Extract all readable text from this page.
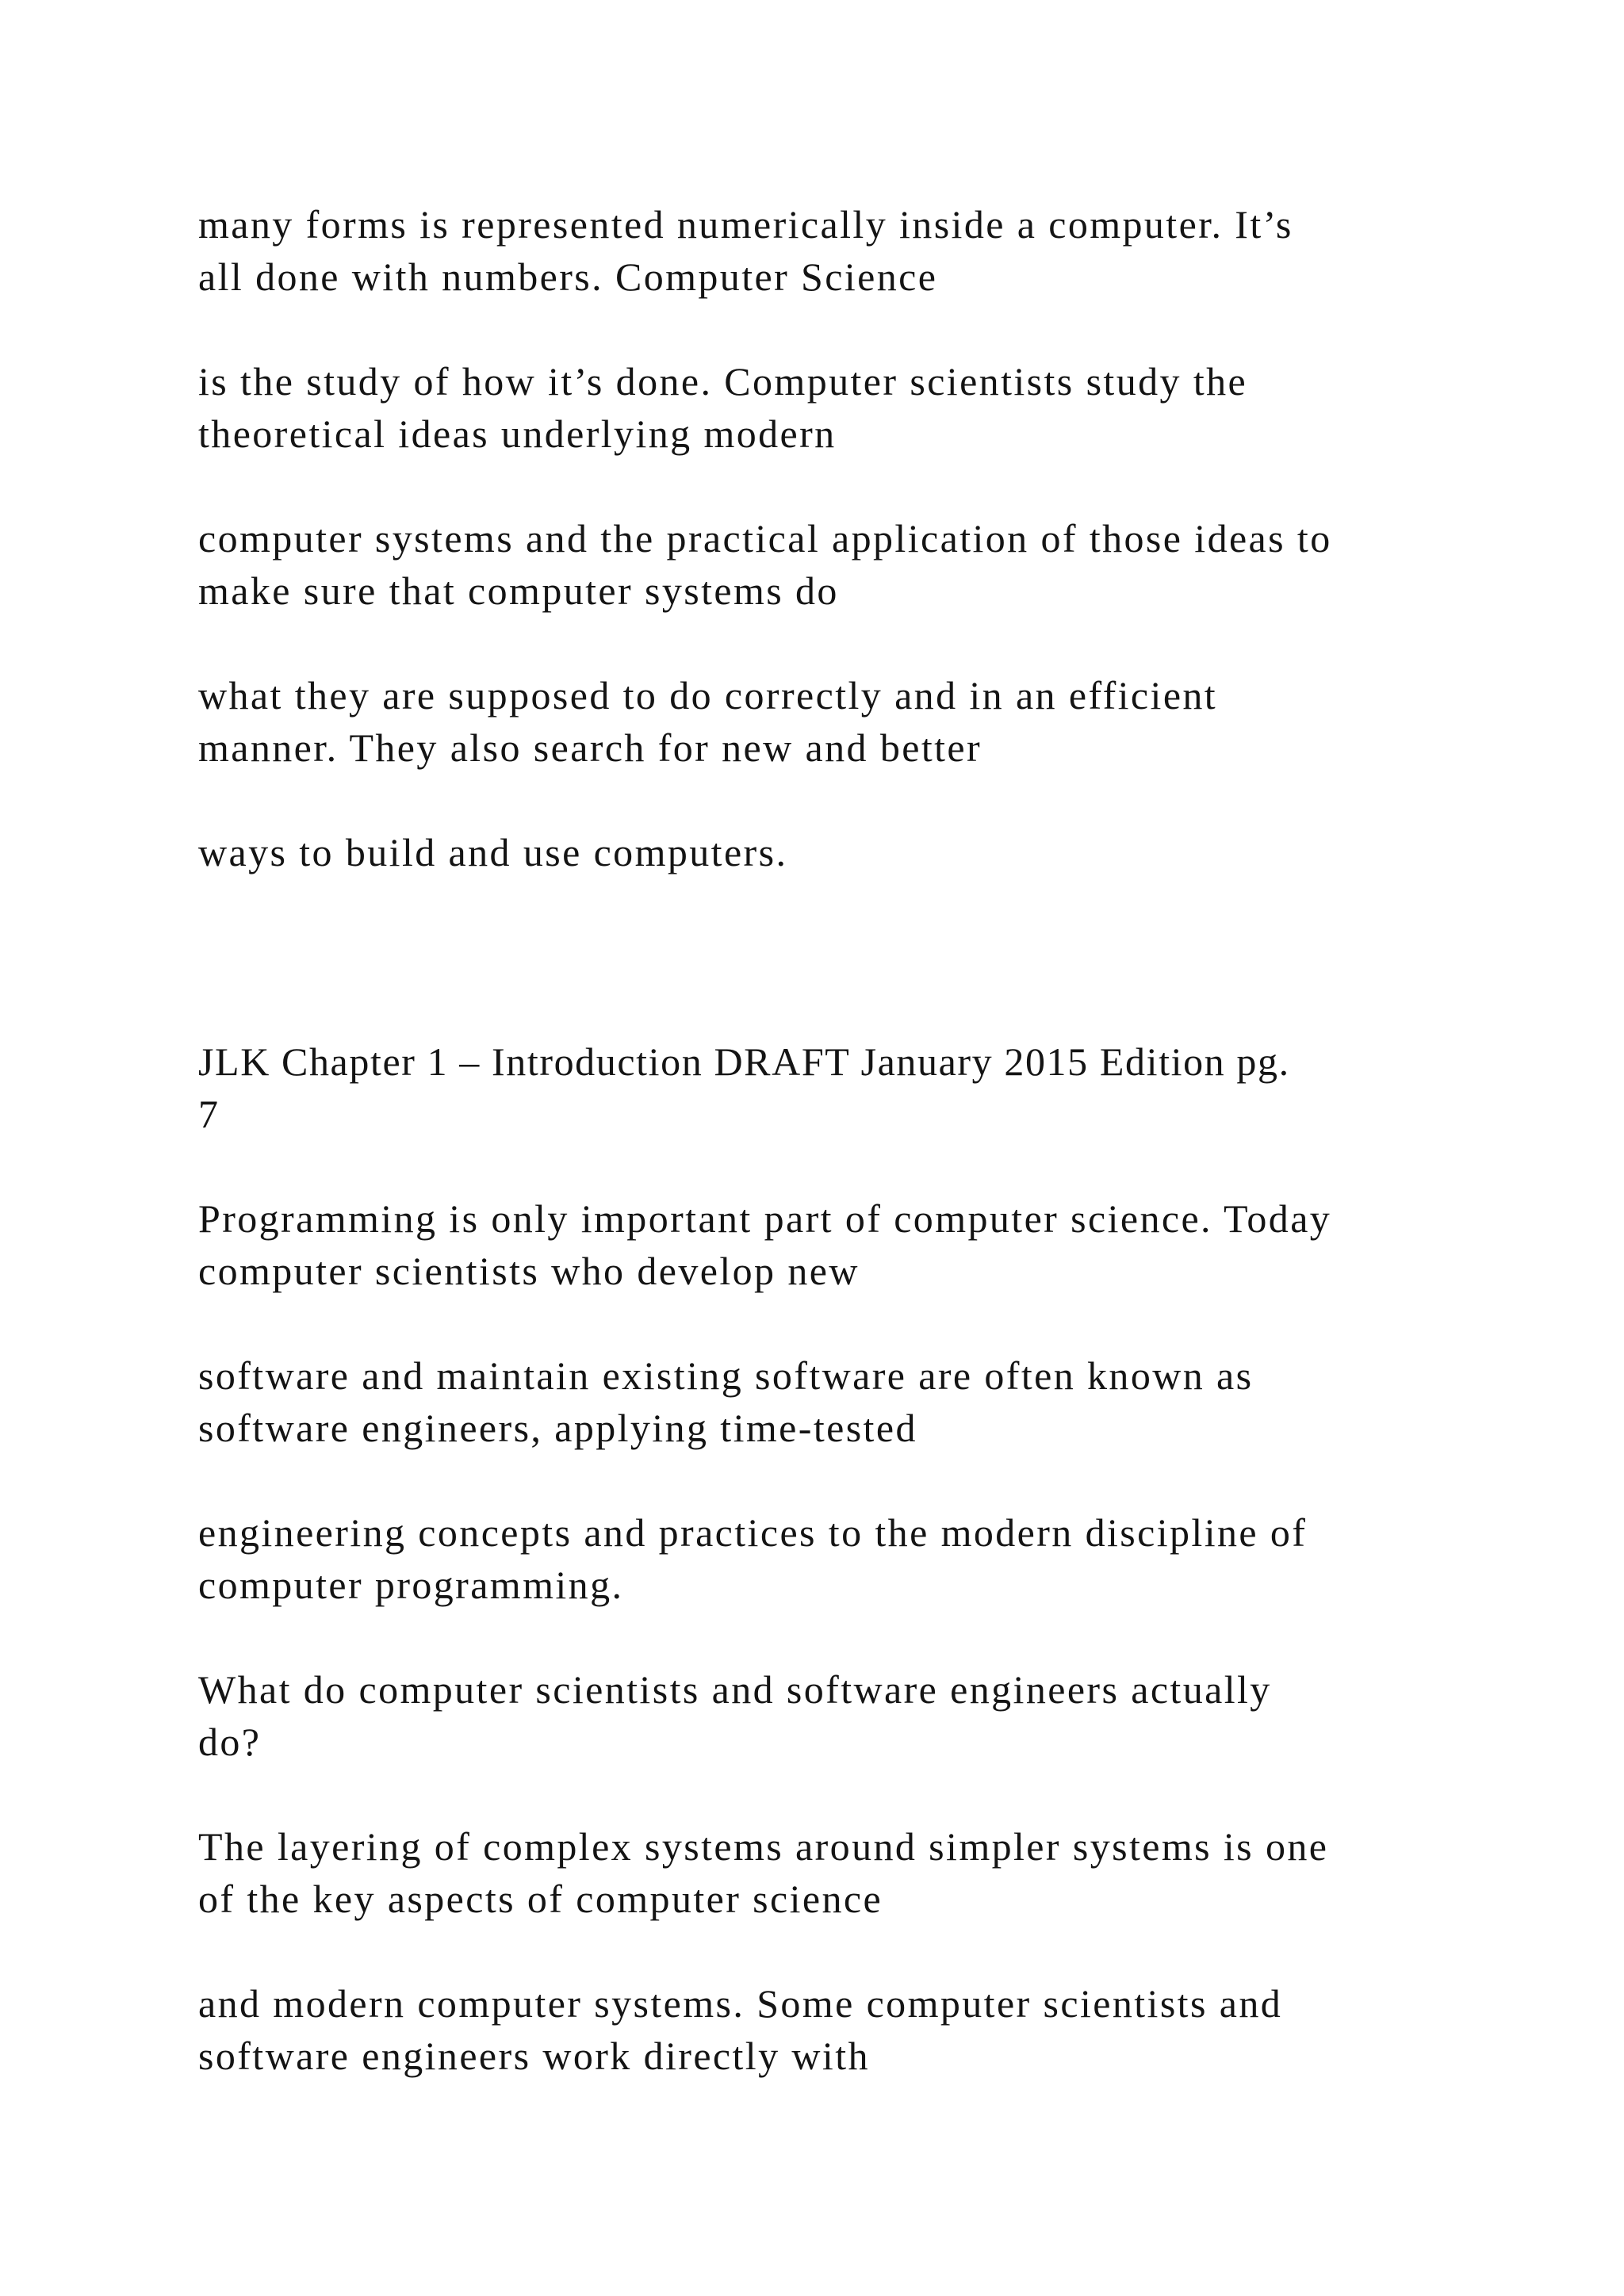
many forms is represented numerically inside a computer. It’s
all done with numbers. Computer Science

is the study of how it’s done. Computer scientists study the
theoretical ideas underlying modern

computer systems and the practical application of those ideas to
make sure that computer systems do

what they are supposed to do correctly and in an efficient
manner. They also search for new and better

ways to build and use computers.

JLK Chapter 1 – Introduction DRAFT January 2015 Edition pg.
7

Programming is only important part of computer science. Today
computer scientists who develop new

software and maintain existing software are often known as
software engineers, applying time-tested

engineering concepts and practices to the modern discipline of
computer programming.

What do computer scientists and software engineers actually
do?

The layering of complex systems around simpler systems is one
of the key aspects of computer science

and modern computer systems. Some computer scientists and
software engineers work directly with
